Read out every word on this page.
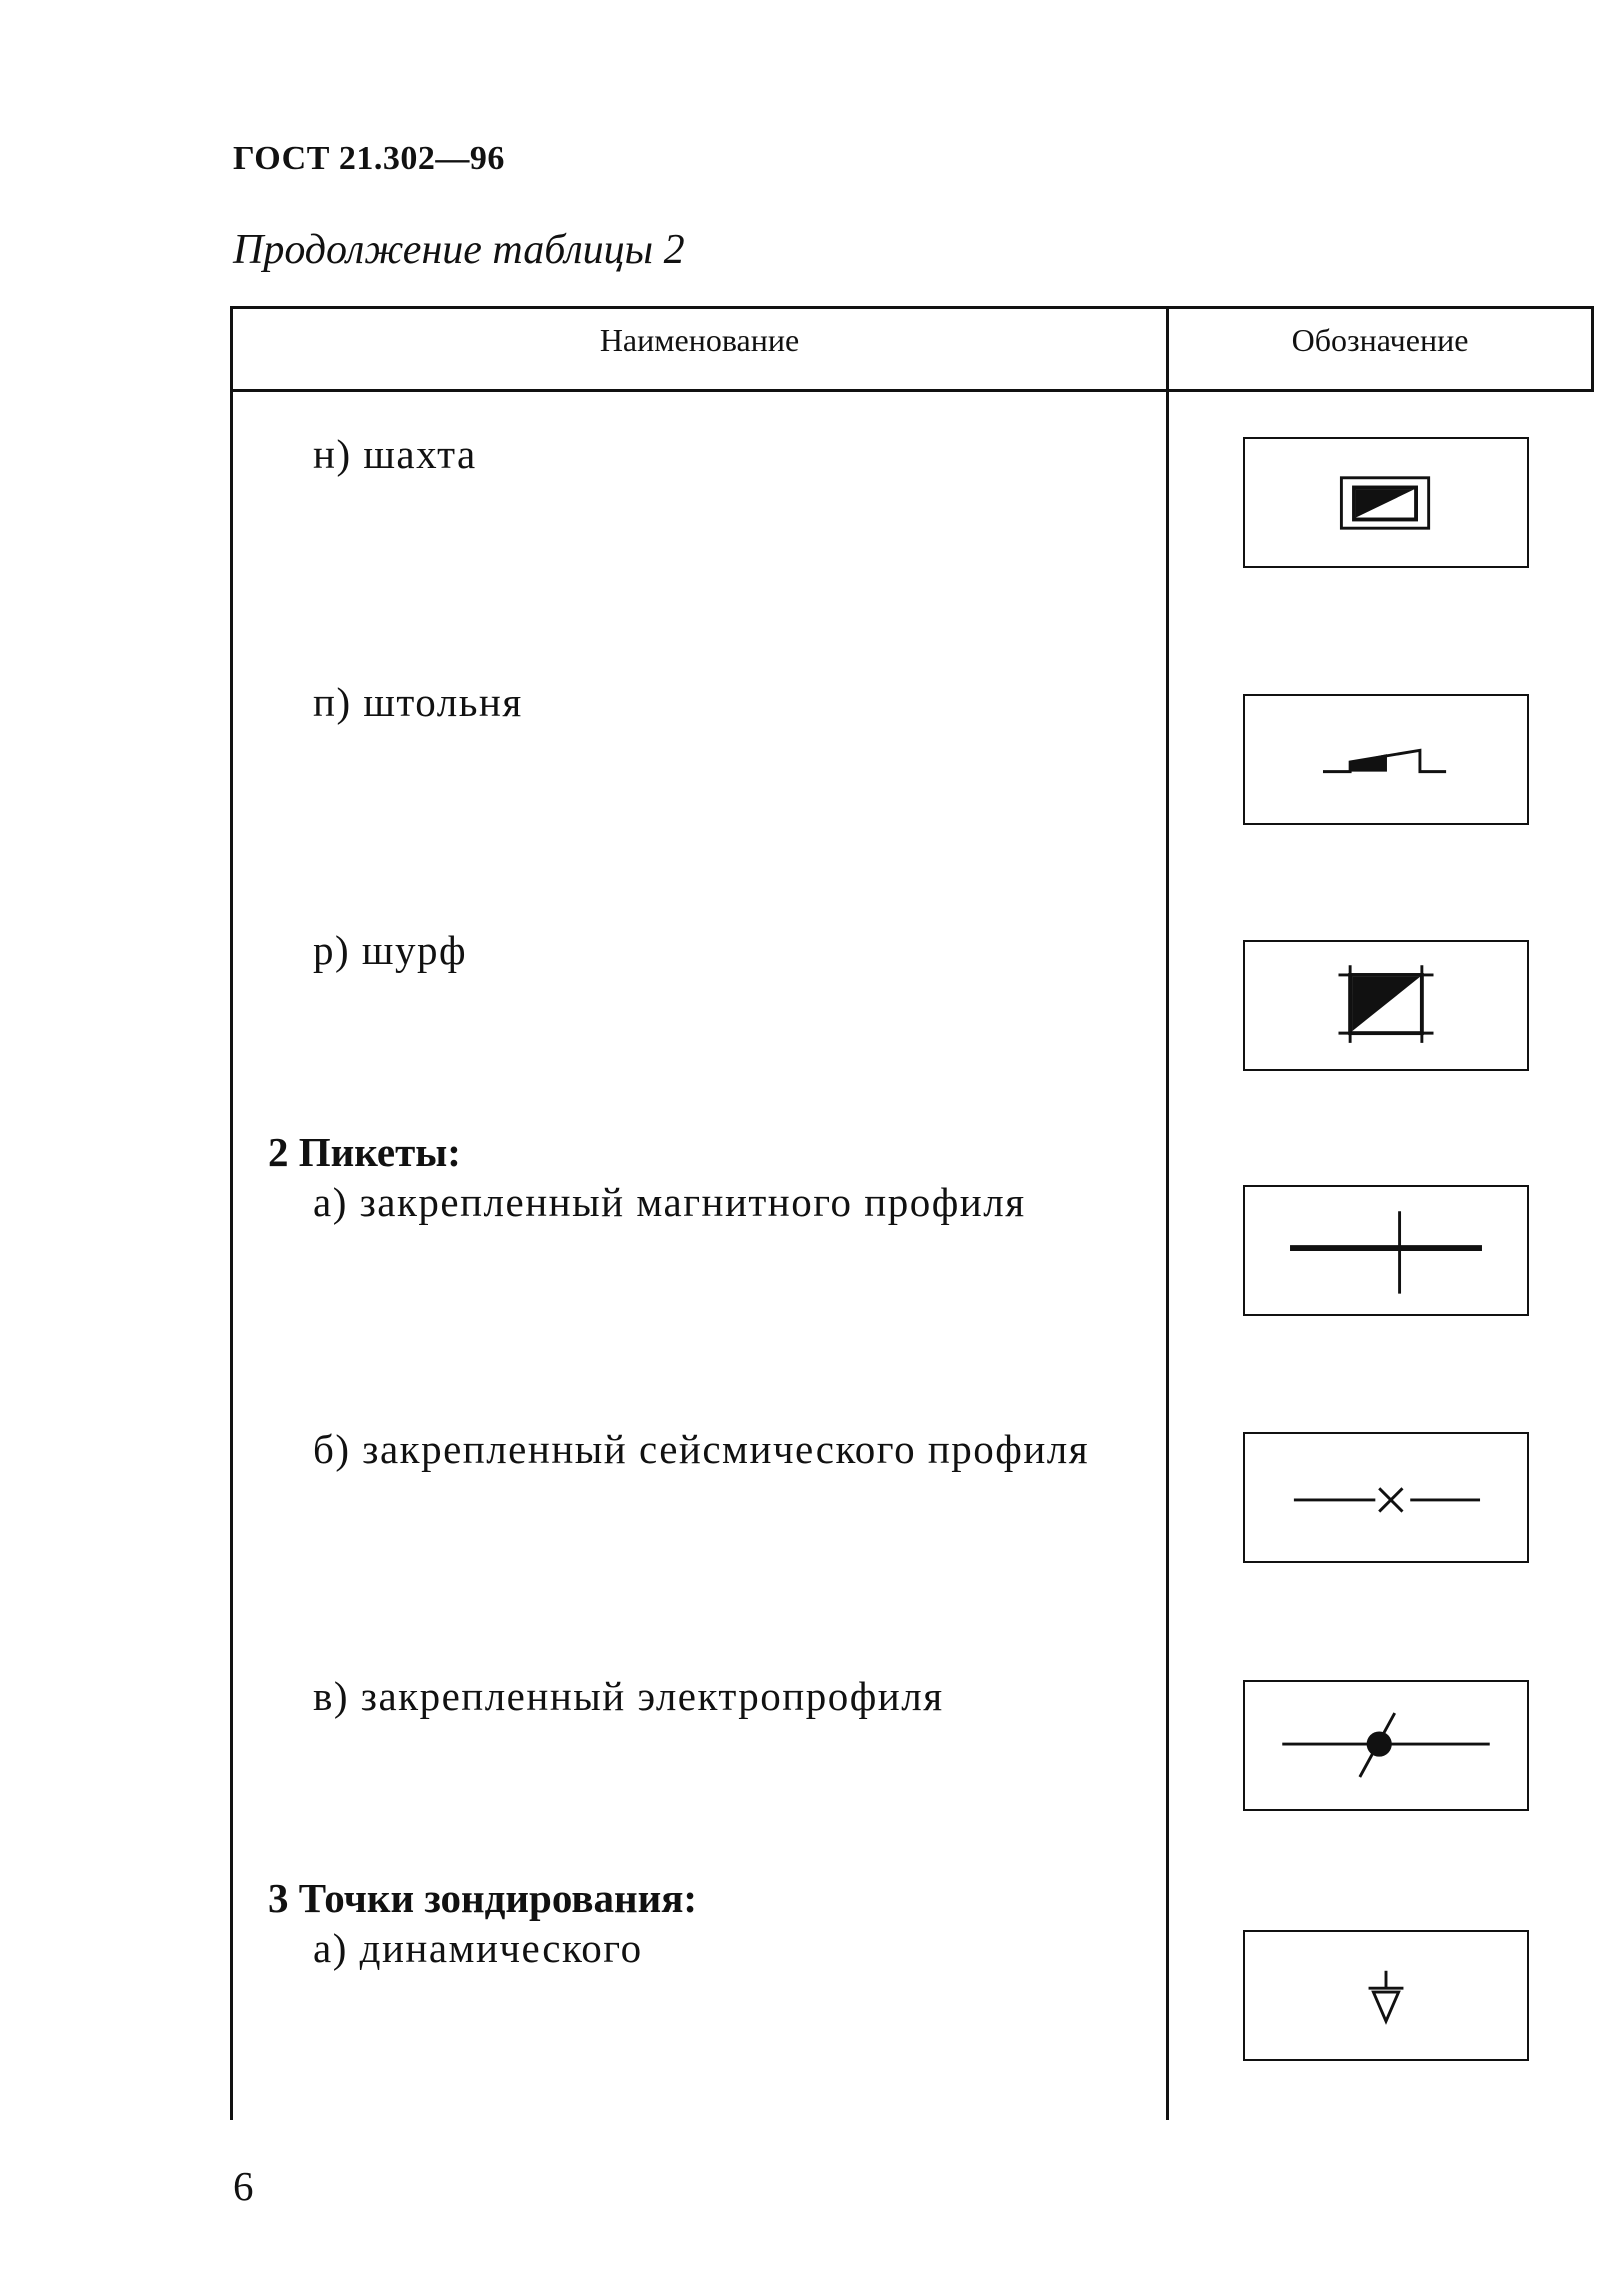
ГОСТ 21.302—96
Продолжение таблицы 2
Наименование	Обозначение
н) шахта
п) штольня
р) шурф
2 Пикеты:
а) закрепленный магнитного профиля
б) закрепленный сейсмического профиля
в) закрепленный электропрофиля
3 Точки зондирования:
а) динамического
6
